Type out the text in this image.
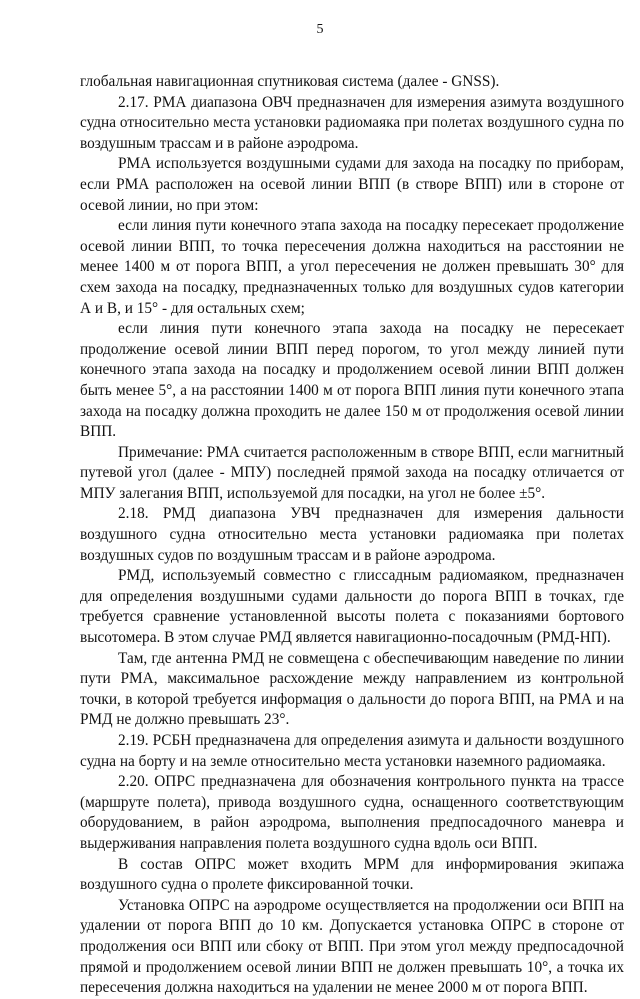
5

глобальная навигационная спутниковая система (далее - GNSS).

2.17. РМА диапазона ОВЧ предназначен для измерения азимута воздушного судна относительно места установки радиомаяка при полетах воздушного судна по воздушным трассам и в районе аэродрома.

РМА используется воздушными судами для захода на посадку по приборам, если РМА расположен на осевой линии ВПП (в створе ВПП) или в стороне от осевой линии, но при этом:

если линия пути конечного этапа захода на посадку пересекает продолжение осевой линии ВПП, то точка пересечения должна находиться на расстоянии не менее 1400 м от порога ВПП, а угол пересечения не должен превышать 30° для схем захода на посадку, предназначенных только для воздушных судов категории А и В, и 15° - для остальных схем;

если линия пути конечного этапа захода на посадку не пересекает продолжение осевой линии ВПП перед порогом, то угол между линией пути конечного этапа захода на посадку и продолжением осевой линии ВПП должен быть менее 5°, а на расстоянии 1400 м от порога ВПП линия пути конечного этапа захода на посадку должна проходить не далее 150 м от продолжения осевой линии ВПП.

Примечание: РМА считается расположенным в створе ВПП, если магнитный путевой угол (далее - МПУ) последней прямой захода на посадку отличается от МПУ залегания ВПП, используемой для посадки, на угол не более ±5°.

2.18. РМД диапазона УВЧ предназначен для измерения дальности воздушного судна относительно места установки радиомаяка при полетах воздушных судов по воздушным трассам и в районе аэродрома.

РМД, используемый совместно с глиссадным радиомаяком, предназначен для определения воздушными судами дальности до порога ВПП в точках, где требуется сравнение установленной высоты полета с показаниями бортового высотомера. В этом случае РМД является навигационно-посадочным (РМД-НП).

Там, где антенна РМД не совмещена с обеспечивающим наведение по линии пути РМА, максимальное расхождение между направлением из контрольной точки, в которой требуется информация о дальности до порога ВПП, на РМА и на РМД не должно превышать 23°.

2.19. РСБН предназначена для определения азимута и дальности воздушного судна на борту и на земле относительно места установки наземного радиомаяка.

2.20. ОПРС предназначена для обозначения контрольного пункта на трассе (маршруте полета), привода воздушного судна, оснащенного соответствующим оборудованием, в район аэродрома, выполнения предпосадочного маневра и выдерживания направления полета воздушного судна вдоль оси ВПП.

В состав ОПРС может входить МРМ для информирования экипажа воздушного судна о пролете фиксированной точки.

Установка ОПРС на аэродроме осуществляется на продолжении оси ВПП на удалении от порога ВПП до 10 км. Допускается установка ОПРС в стороне от продолжения оси ВПП или сбоку от ВПП. При этом угол между предпосадочной прямой и продолжением осевой линии ВПП не должен превышать 10°, а точка их пересечения должна находиться на удалении не менее 2000 м от порога ВПП.
